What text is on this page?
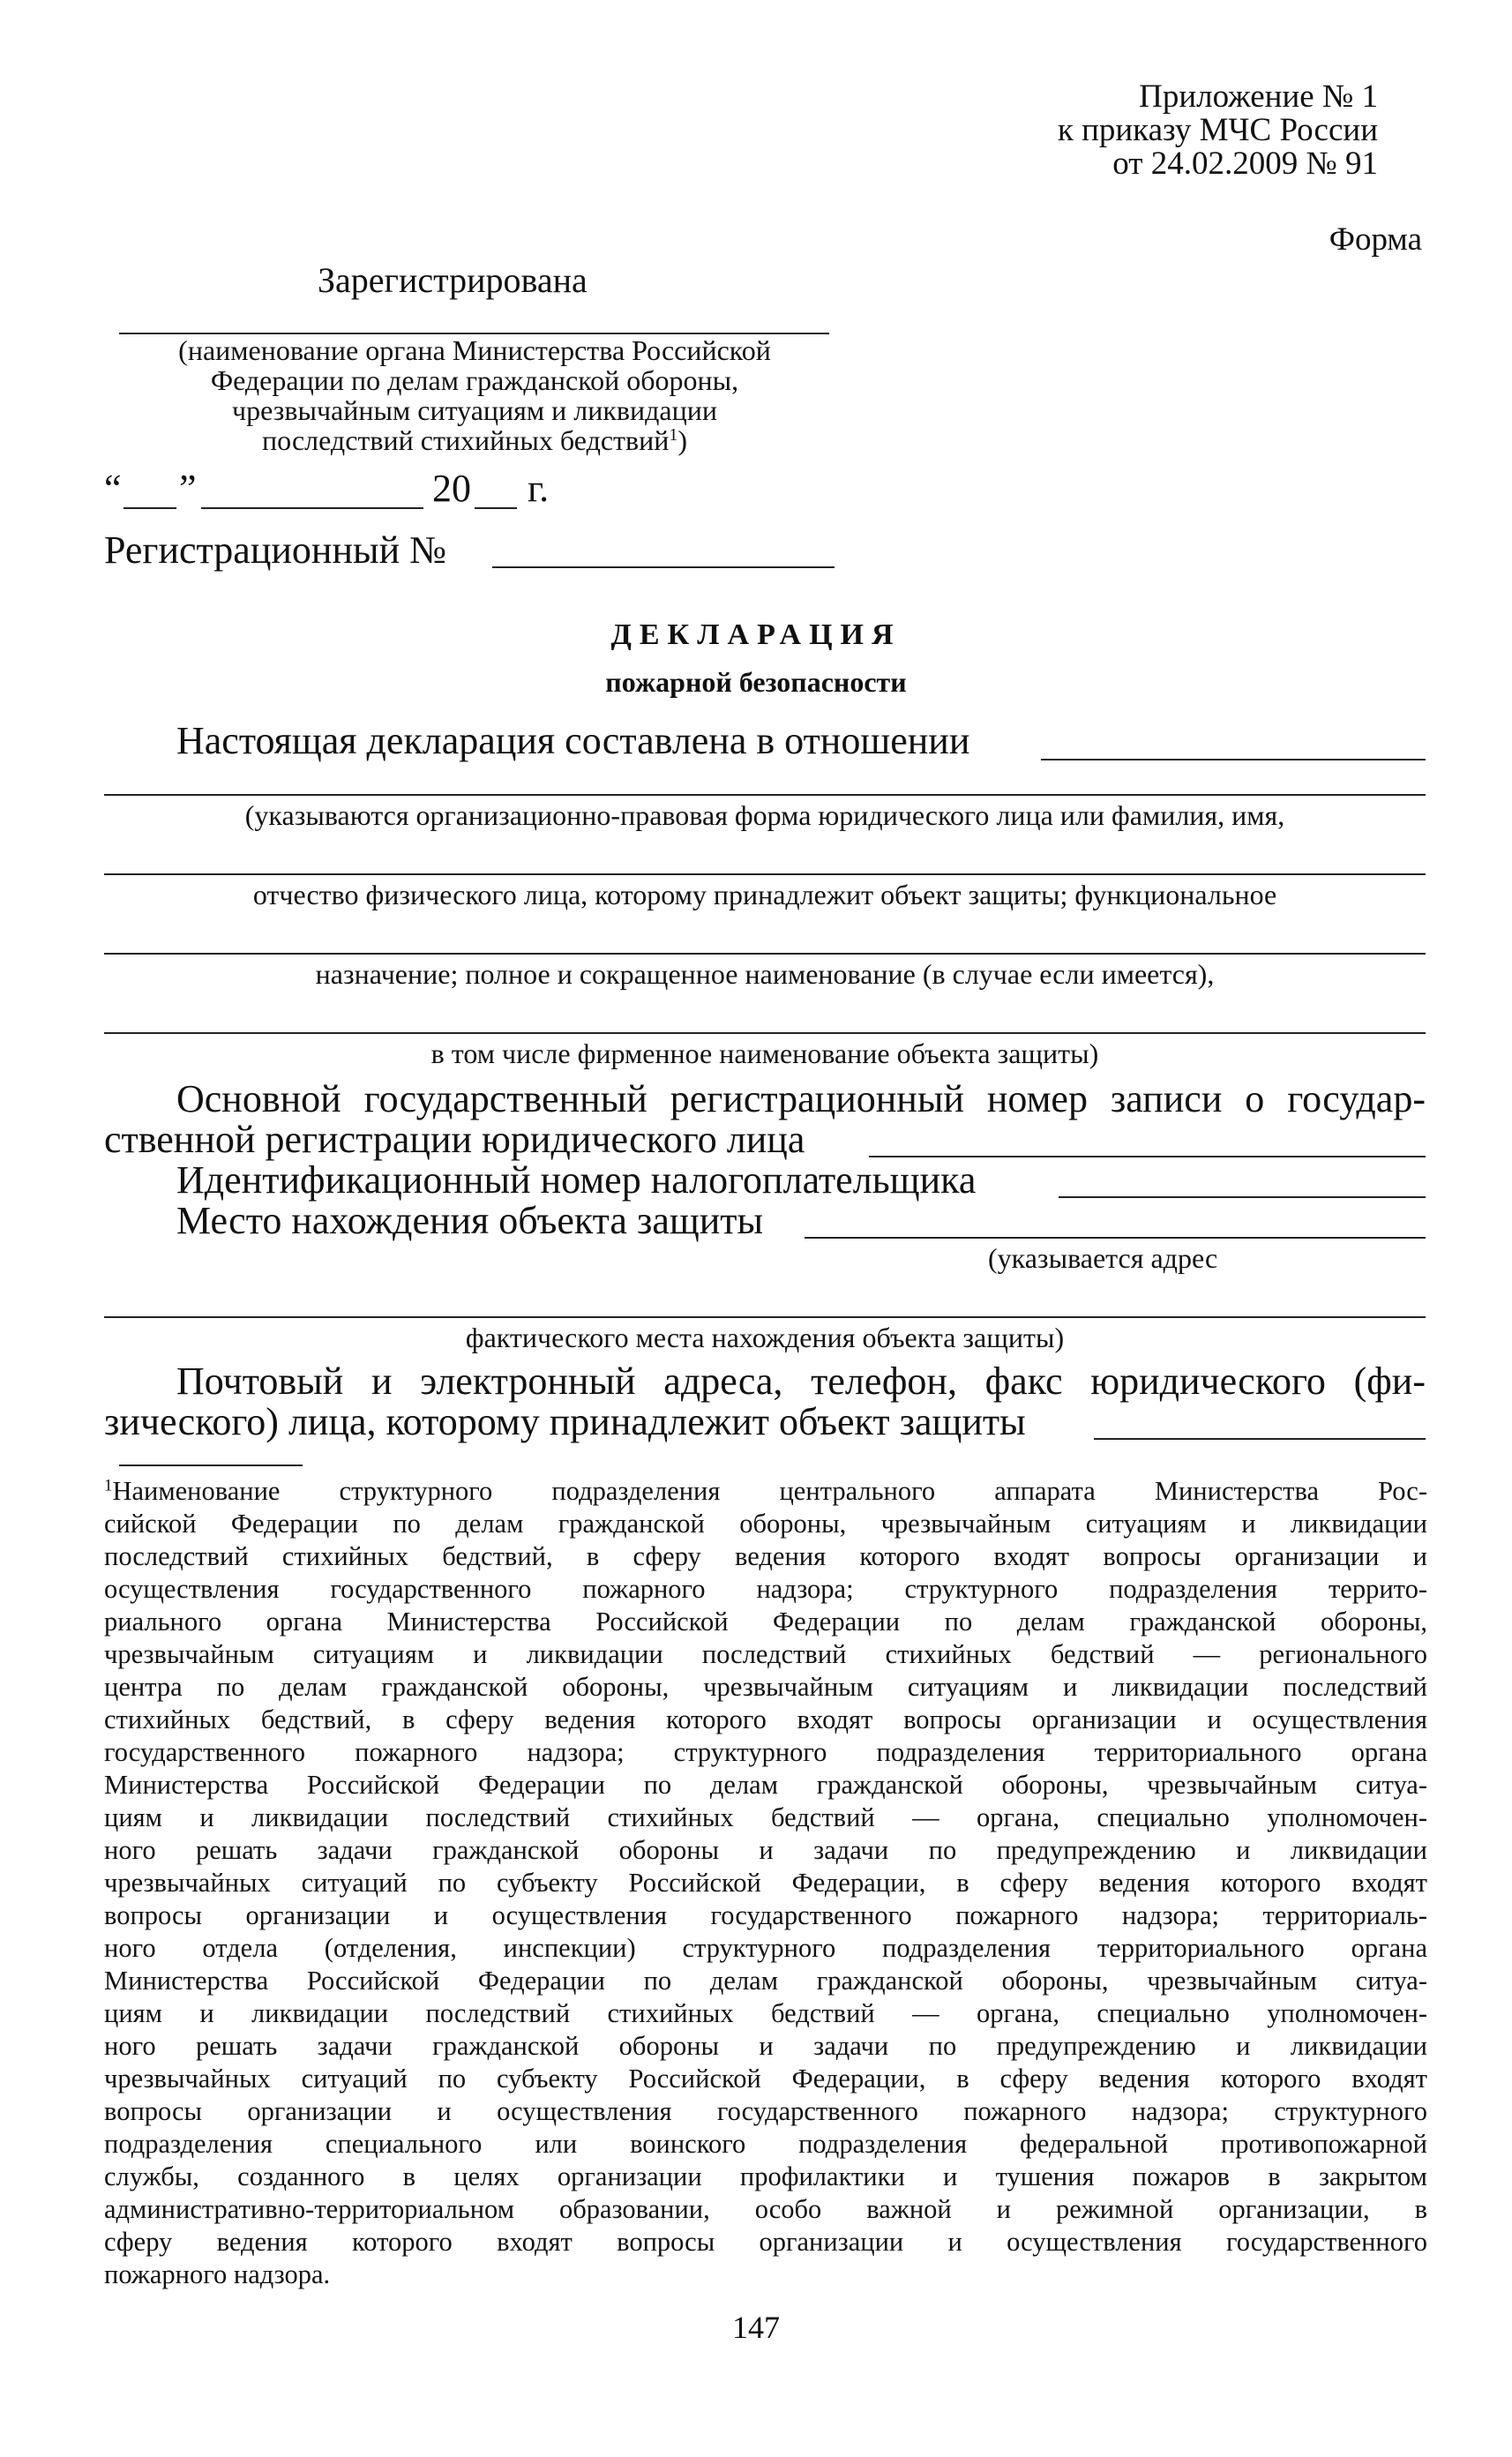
Приложение № 1
к приказу МЧС России
от 24.02.2009 № 91
Форма
Зарегистрирована
(наименование органа Министерства Российской
Федерации по делам гражданской обороны,
чрезвычайным ситуациям и ликвидации
последствий стихийных бедствий$^1$)
“ ”	20 г.
Регистрационный №
ДЕКЛАРАЦИЯ
пожарной безопасности
Настоящая декларация составлена в отношении
(указываются организационно-правовая форма юридического лица или фамилия, имя,
отчество физического лица, которому принадлежит объект защиты; функциональное
назначение; полное и сокращенное наименование (в случае если имеется),
в том числе фирменное наименование объекта защиты)
Основной государственный регистрационный номер записи о государ-
ственной регистрации юридического лица
Идентификационный номер налогоплательщика
Место нахождения объекта защиты
(указывается адрес
фактического места нахождения объекта защиты)
Почтовый и электронный адреса, телефон, факс юридического (фи-
зического) лица, которому принадлежит объект защиты
$^1$Наименование структурного подразделения центрального аппарата Министерства Рос-
сийской Федерации по делам гражданской обороны, чрезвычайным ситуациям и ликвидации
последствий стихийных бедствий, в сферу ведения которого входят вопросы организации и
осуществления государственного пожарного надзора; структурного подразделения террито-
риального органа Министерства Российской Федерации по делам гражданской обороны,
чрезвычайным ситуациям и ликвидации последствий стихийных бедствий — регионального
центра по делам гражданской обороны, чрезвычайным ситуациям и ликвидации последствий
стихийных бедствий, в сферу ведения которого входят вопросы организации и осуществления
государственного пожарного надзора; структурного подразделения территориального органа
Министерства Российской Федерации по делам гражданской обороны, чрезвычайным ситуа-
циям и ликвидации последствий стихийных бедствий — органа, специально уполномочен-
ного решать задачи гражданской обороны и задачи по предупреждению и ликвидации
чрезвычайных ситуаций по субъекту Российской Федерации, в сферу ведения которого входят
вопросы организации и осуществления государственного пожарного надзора; территориаль-
ного отдела (отделения, инспекции) структурного подразделения территориального органа
Министерства Российской Федерации по делам гражданской обороны, чрезвычайным ситуа-
циям и ликвидации последствий стихийных бедствий — органа, специально уполномочен-
ного решать задачи гражданской обороны и задачи по предупреждению и ликвидации
чрезвычайных ситуаций по субъекту Российской Федерации, в сферу ведения которого входят
вопросы организации и осуществления государственного пожарного надзора; структурного
подразделения специального или воинского подразделения федеральной противопожарной
службы, созданного в целях организации профилактики и тушения пожаров в закрытом
административно-территориальном образовании, особо важной и режимной организации, в
сферу ведения которого входят вопросы организации и осуществления государственного
пожарного надзора.
147
